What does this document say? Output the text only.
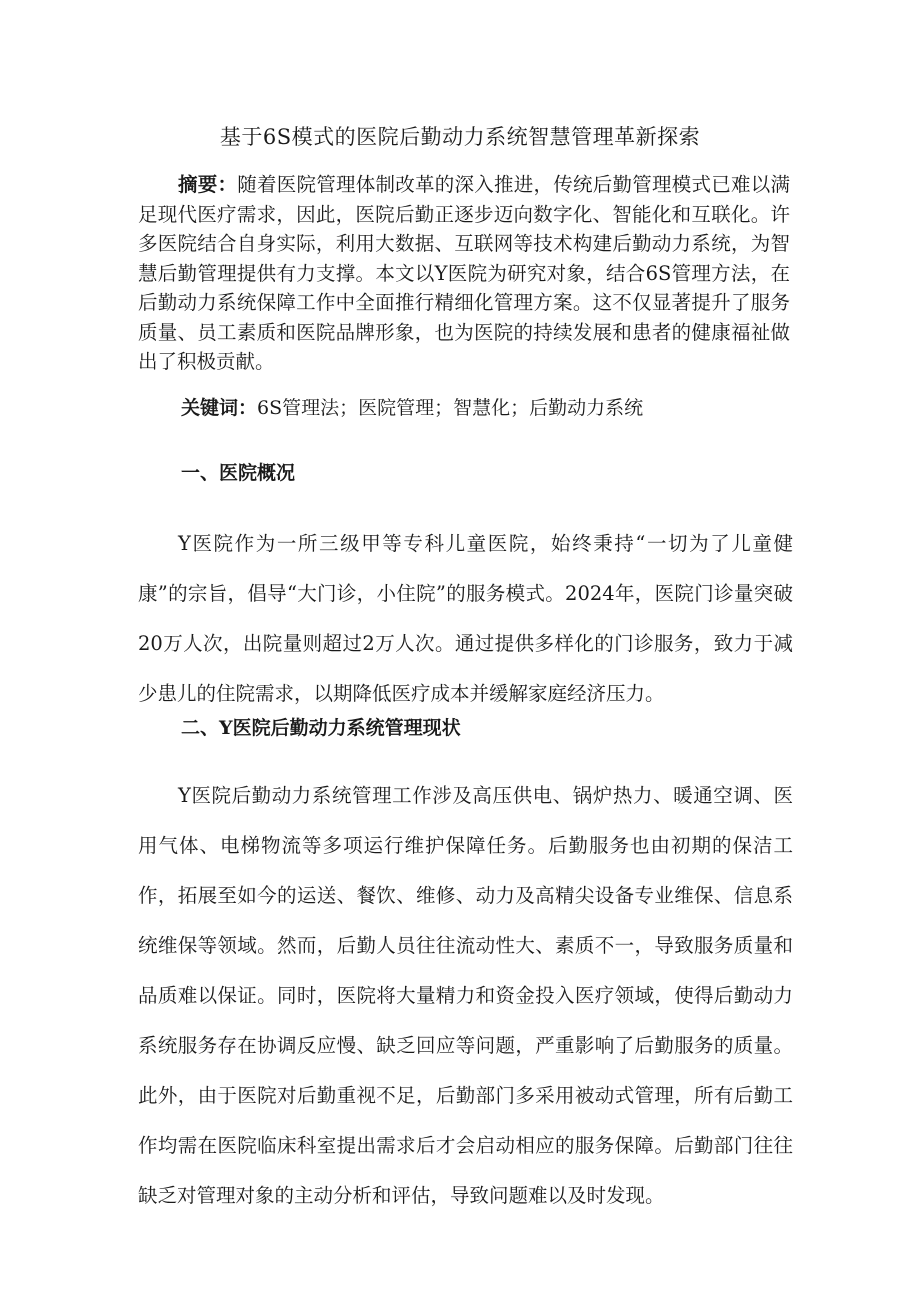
基于6S模式的医院后勤动力系统智慧管理革新探索
摘要：随着医院管理体制改革的深入推进，传统后勤管理模式已难以满足现代医疗需求，因此，医院后勤正逐步迈向数字化、智能化和互联化。许多医院结合自身实际，利用大数据、互联网等技术构建后勤动力系统，为智慧后勤管理提供有力支撑。本文以Y医院为研究对象，结合6S管理方法，在后勤动力系统保障工作中全面推行精细化管理方案。这不仅显著提升了服务质量、员工素质和医院品牌形象，也为医院的持续发展和患者的健康福祉做出了积极贡献。
关键词：6S管理法；医院管理；智慧化；后勤动力系统
一、医院概况
Y医院作为一所三级甲等专科儿童医院，始终秉持“一切为了儿童健康”的宗旨，倡导“大门诊，小住院”的服务模式。2024年，医院门诊量突破20万人次，出院量则超过2万人次。通过提供多样化的门诊服务，致力于减少患儿的住院需求，以期降低医疗成本并缓解家庭经济压力。
二、Y医院后勤动力系统管理现状
Y医院后勤动力系统管理工作涉及高压供电、锅炉热力、暖通空调、医用气体、电梯物流等多项运行维护保障任务。后勤服务也由初期的保洁工作，拓展至如今的运送、餐饮、维修、动力及高精尖设备专业维保、信息系统维保等领域。然而，后勤人员往往流动性大、素质不一，导致服务质量和品质难以保证。同时，医院将大量精力和资金投入医疗领域，使得后勤动力系统服务存在协调反应慢、缺乏回应等问题，严重影响了后勤服务的质量。此外，由于医院对后勤重视不足，后勤部门多采用被动式管理，所有后勤工作均需在医院临床科室提出需求后才会启动相应的服务保障。后勤部门往往缺乏对管理对象的主动分析和评估，导致问题难以及时发现。
